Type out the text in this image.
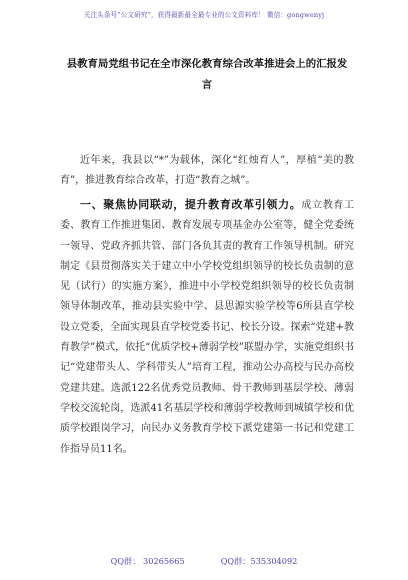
关注头条号“公文研究”，获得最新最全最专业的公文资料库！ 微信：gongwenyj
县教育局党组书记在全市深化教育综合改革推进会上的汇报发言

近年来，我县以“*”为载体，深化“红烛育人”，厚植“美的教育”，推进教育综合改革，打造“教育之城”。

一、聚焦协同联动，提升教育改革引领力。成立教育工委、教育工作推进集团、教育发展专项基金办公室等，健全党委统一领导、党政齐抓共管、部门各负其责的教育工作领导机制。研究制定《县贯彻落实关于建立中小学校党组织领导的校长负责制的意见（试行）的实施方案》，推进中小学校党组织领导的校长负责制领导体制改革，推动县实验中学、县思源实验学校等6所县直学校设立党委，全面实现县直学校党委书记、校长分设。探索“党建+教育教学”模式，依托“优质学校+薄弱学校”联盟办学，实施党组织书记“党建带头人、学科带头人”培育工程，推动公办高校与民办高校党建共建。选派122名优秀党员教师、骨干教师到基层学校、薄弱学校交流轮岗，选派41名基层学校和薄弱学校教师到城镇学校和优质学校跟岗学习，向民办义务教育学校下派党建第一书记和党建工作指导员11名。

QQ群： 30265665	QQ群：535304092
